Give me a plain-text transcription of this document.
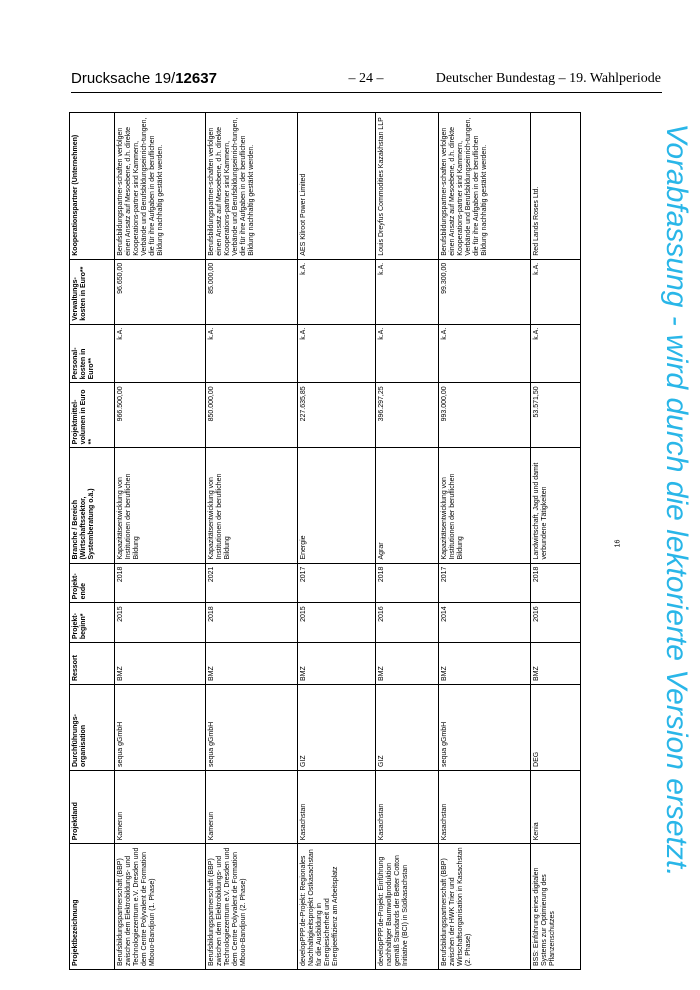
Drucksache 19/12637	– 24 –	Deutscher Bundestag – 19. Wahlperiode
Projektbezeichnung	Projektland	Durchführungs-organisation	Ressort	Projekt-beginn*	Projekt-ende	Branche / Bereich (Wirtschaftssektor, Systemberatung o.ä.)	Projektmittel-volumen in Euro **	Personal-kosten in Euro**	Verwaltungs-kosten in Euro**	Kooperationspartner (Unternehmen)
Berufsbildungspartnerschaft (BBP) zwischen dem Elektrobildungs- und Technologiezentrum e.V. Dresden und dem Centre Polyvalent de Formation Mbouo-Bandjoun (1. Phase)	Kamerun	sequa gGmbH	BMZ	2015	2018	Kapazitätsentwicklung von Institutionen der beruflichen Bildung	966.500,00	k.A.	96.650,00	Berufsbildungspartner-schaften verfolgen einen Ansatz auf Mesoebene, d.h. direkte Kooperations-partner sind Kammern, Verbände und Berufsbildungseinrich-tungen, die für ihre Aufgaben in der beruflichen Bildung nachhaltig gestärkt werden.
Berufsbildungspartnerschaft (BBP) zwischen dem Elektrobildungs- und Technologiezentrum e.V. Dresden und dem Centre Polyvalent de Formation Mbouo-Bandjoun (2. Phase)	Kamerun	sequa gGmbH	BMZ	2018	2021	Kapazitätsentwicklung von Institutionen der beruflichen Bildung	850.000,00	k.A.	85.000,00	Berufsbildungspartner-schaften verfolgen einen Ansatz auf Mesoebene, d.h. direkte Kooperations-partner sind Kammern, Verbände und Berufsbildungseinrich-tungen, die für ihre Aufgaben in der beruflichen Bildung nachhaltig gestärkt werden.
developPPP.de-Projekt: Regionales Nachhaltigkeitsprojekt Ostkasachstan für die Ausbildung in Energiesicherheit und Energieeffizienz am Arbeitsplatz	Kasachstan	GIZ	BMZ	2015	2017	Energie	227.635,85	k.A.	k.A.	AES Kilroot Power Limited
developPPP.de-Projekt: Einführung nachhaltiger Baumwollproduktion gemäß Standards der Better Cotton Initiative (BCI) in Südkasachstan	Kasachstan	GIZ	BMZ	2016	2018	Agrar	396.297,25	k.A.	k.A.	Louis Dreyfus Commodities Kazakhstan LLP
Berufsbildungspartnerschaft (BBP) zwischen der HWK Trier und Wirtschaftsorganisation in Kasachstan (2. Phase)	Kasachstan	sequa gGmbH	BMZ	2014	2017	Kapazitätsentwicklung von Institutionen der beruflichen Bildung	993.000,00	k.A.	99.300,00	Berufsbildungspartner-schaften verfolgen einen Ansatz auf Mesoebene, d.h. direkte Kooperations-partner sind Kammern, Verbände und Berufsbildungseinrich-tungen, die für ihre Aufgaben in der beruflichen Bildung nachhaltig gestärkt werden.
BSS: Einführung eines digitalen Systems zur Optimierung des Pflanzenschutzes	Kenia	DEG	BMZ	2016	2018	Landwirtschaft, Jagd und damit verbundene Tätigkeiten	53.571,50	k.A.	k.A.	Red Lands Roses Ltd.
16 Vorabfassung - wird durch die lektorierte Version ersetzt.
